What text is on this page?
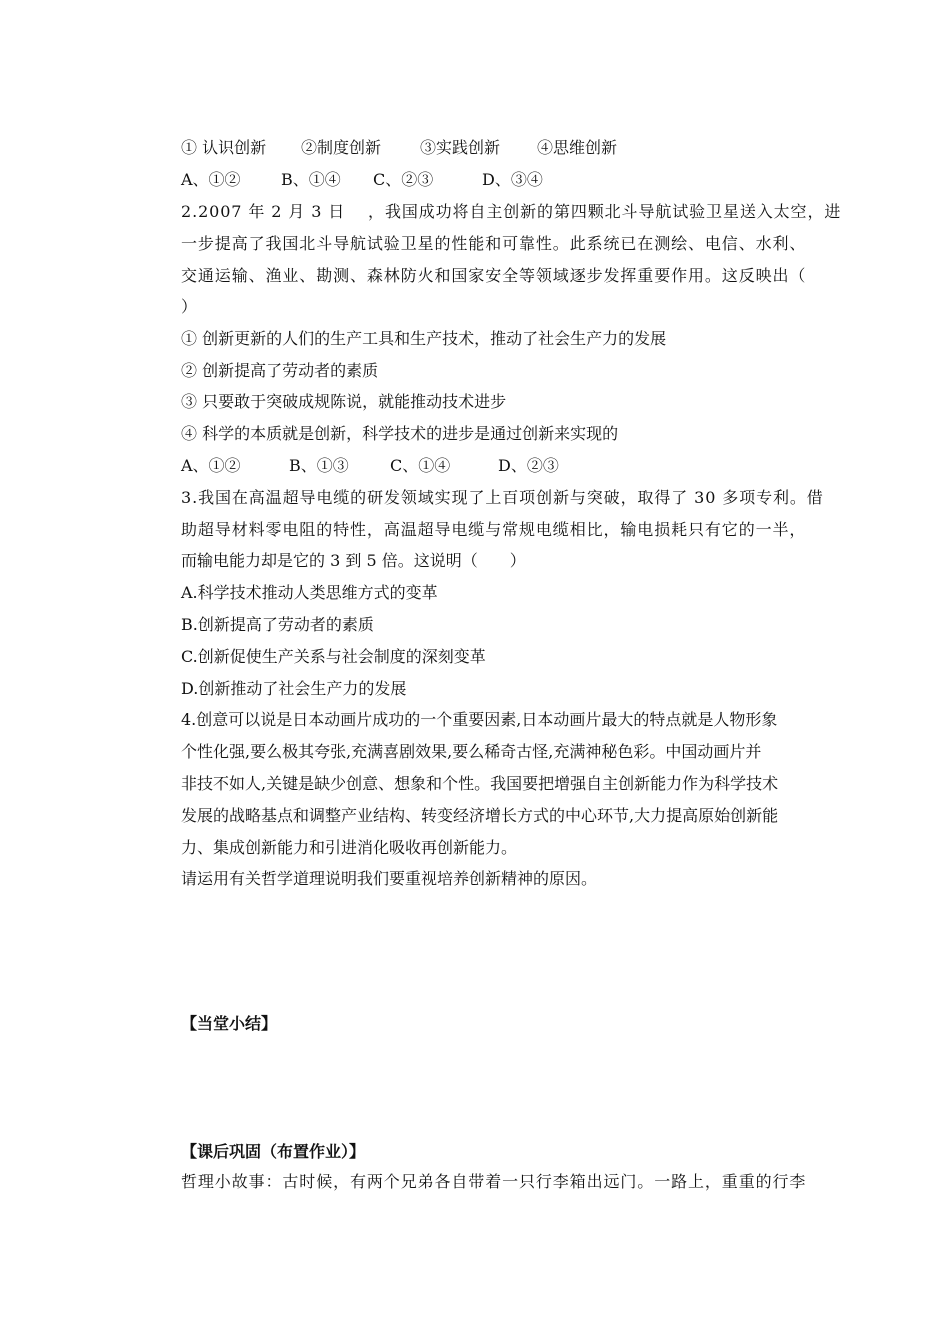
① 认识创新

②制度创新

③实践创新

④思维创新

A、①②

	B、①④

C、②③

	D、③④

2.2007 年 2 月 3 日　 ，我国成功将自主创新的第四颗北斗导航试验卫星送入太空，进
一步提高了我国北斗导航试验卫星的性能和可靠性。此系统已在测绘、电信、水利、
交通运输、渔业、勘测、森林防火和国家安全等领域逐步发挥重要作用。这反映出（
）
① 创新更新的人们的生产工具和生产技术，推动了社会生产力的发展
② 创新提高了劳动者的素质
③ 只要敢于突破成规陈说，就能推动技术进步
④ 科学的本质就是创新，科学技术的进步是通过创新来实现的

A、①②

	B、①③

	C、①④

	D、②③

3.我国在高温超导电缆的研发领域实现了上百项创新与突破，取得了 30 多项专利。借
助超导材料零电阻的特性，高温超导电缆与常规电缆相比，输电损耗只有它的一半，
而输电能力却是它的 3 到 5 倍。这说明（　　）
A.科学技术推动人类思维方式的变革
B.创新提高了劳动者的素质
C.创新促使生产关系与社会制度的深刻变革
D.创新推动了社会生产力的发展
4.创意可以说是日本动画片成功的一个重要因素,日本动画片最大的特点就是人物形象
个性化强,要么极其夸张,充满喜剧效果,要么稀奇古怪,充满神秘色彩。中国动画片并
非技不如人,关键是缺少创意、想象和个性。我国要把增强自主创新能力作为科学技术
发展的战略基点和调整产业结构、转变经济增长方式的中心环节,大力提高原始创新能
力、集成创新能力和引进消化吸收再创新能力。
请运用有关哲学道理说明我们要重视培养创新精神的原因。
【当堂小结】
【课后巩固（布置作业）】
哲理小故事：古时候，有两个兄弟各自带着一只行李箱出远门。一路上，重重的行李
